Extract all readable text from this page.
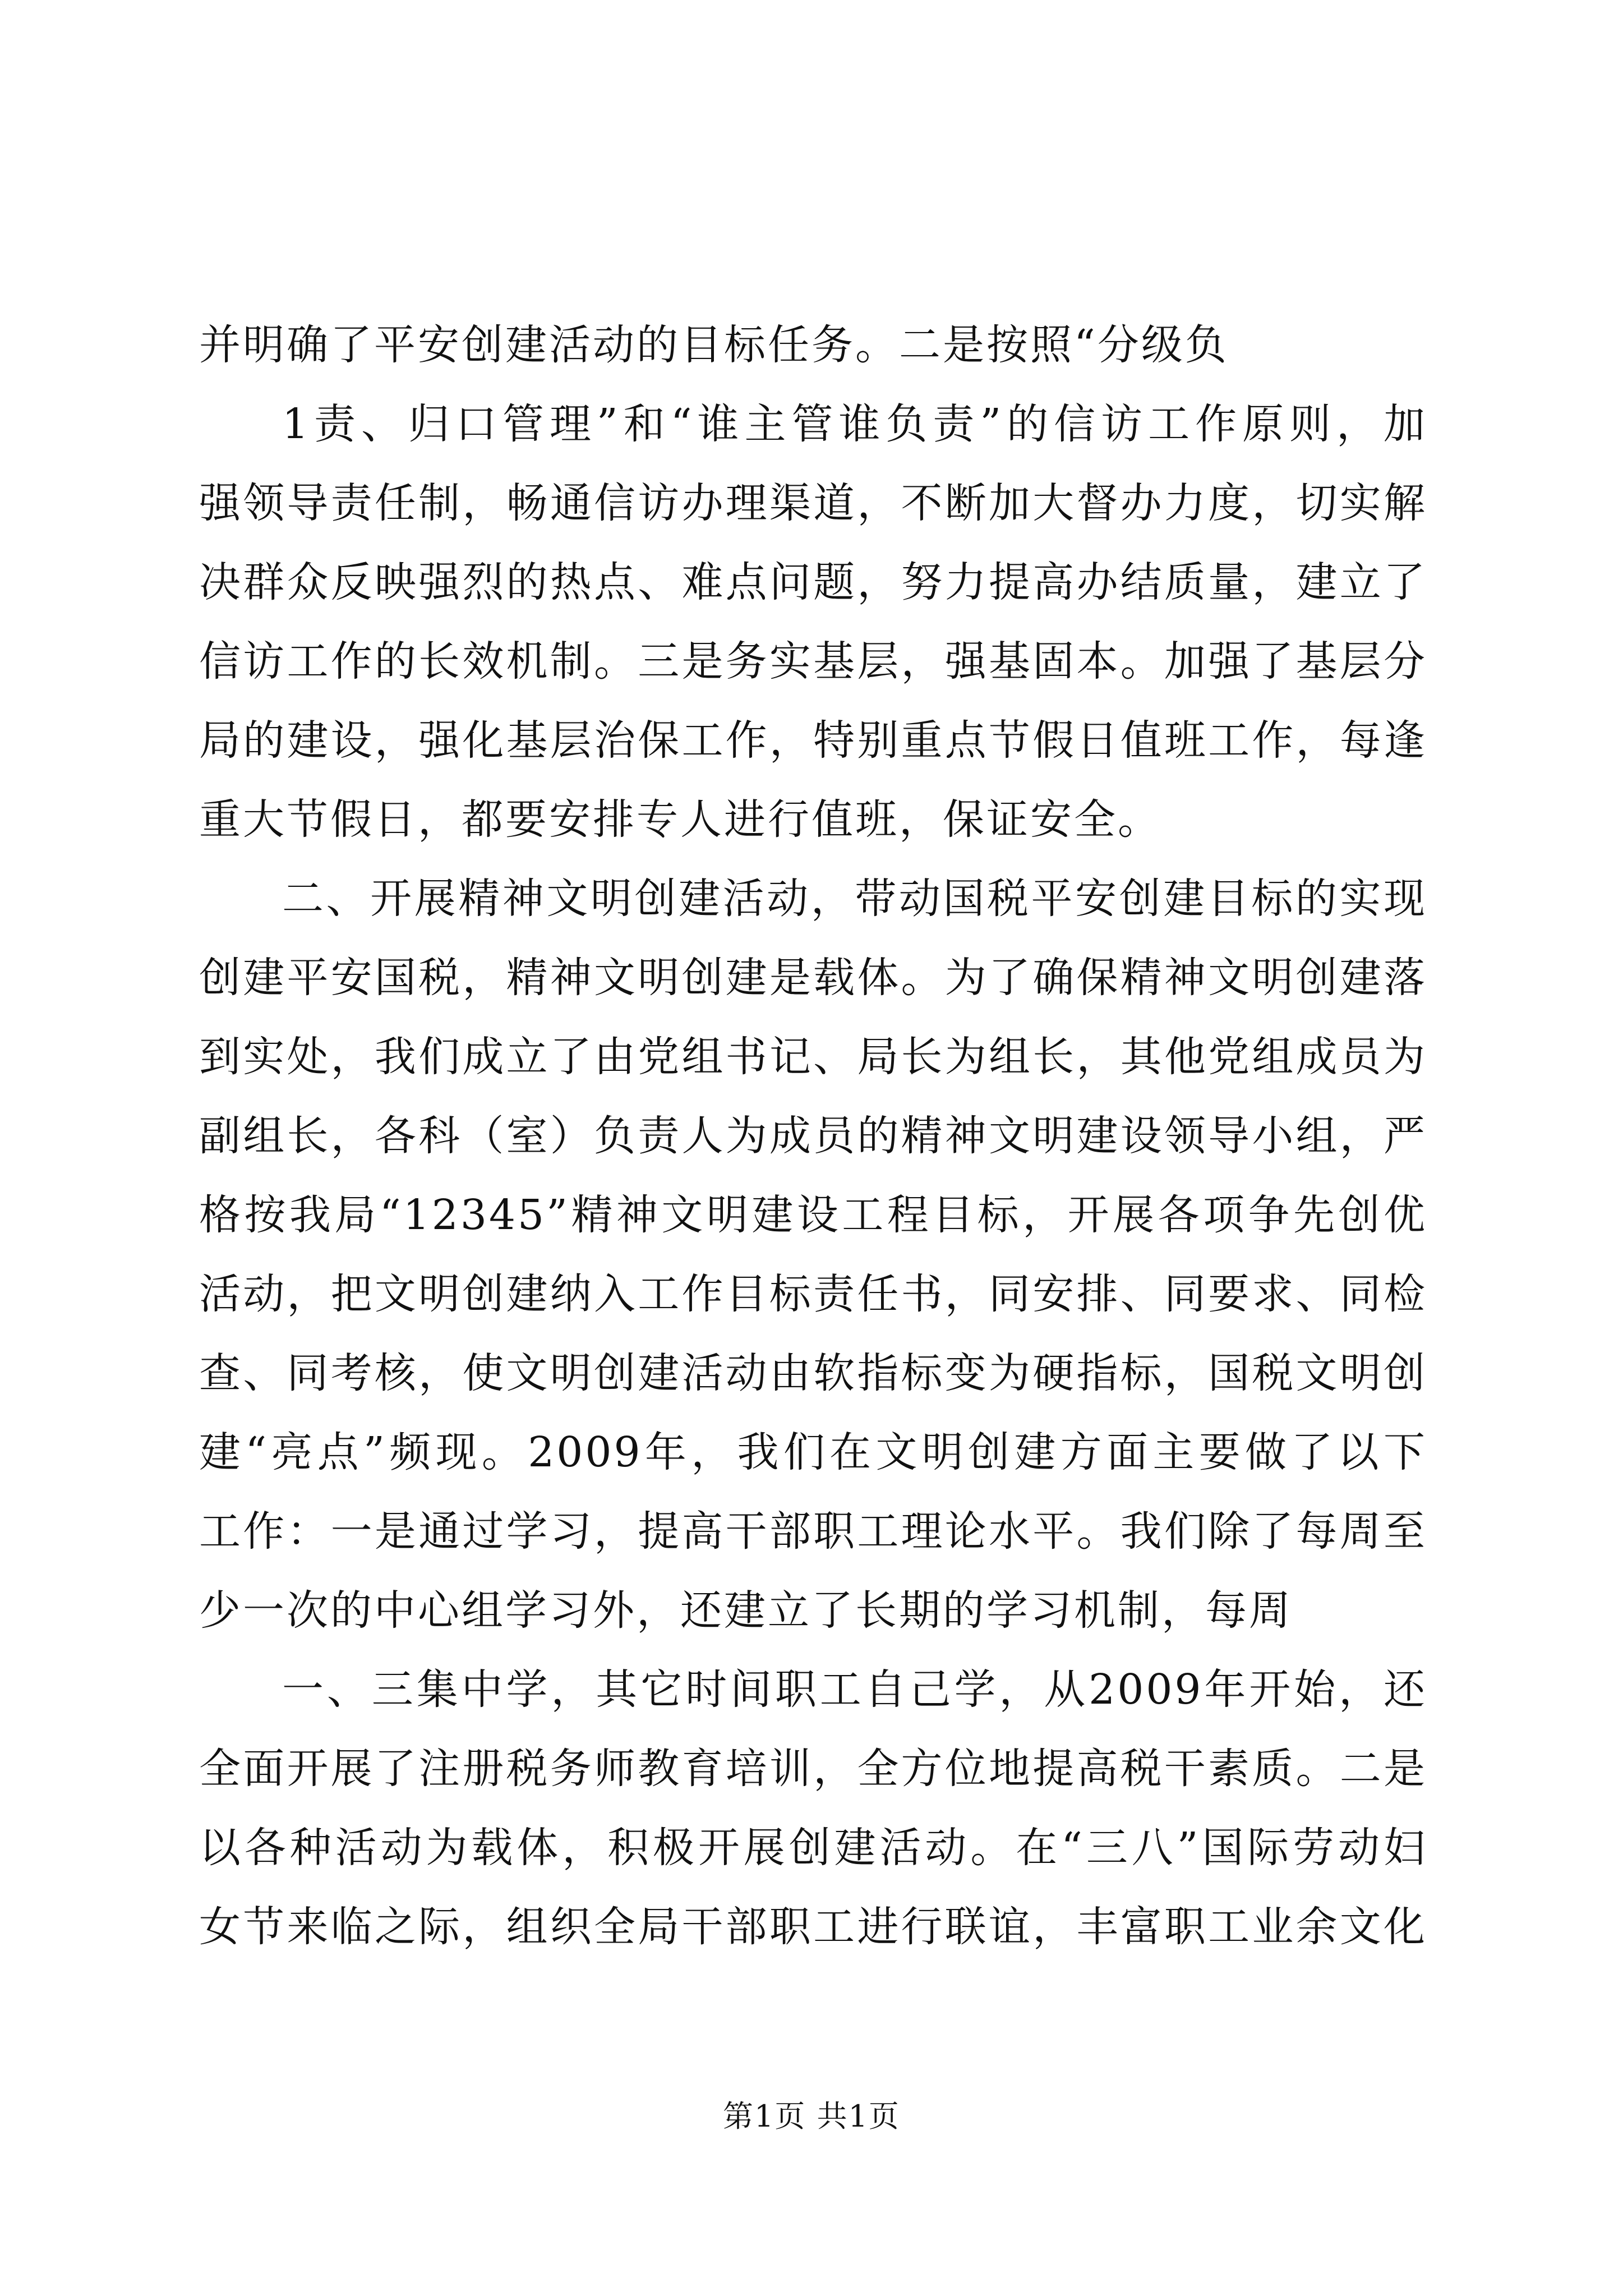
并明确了平安创建活动的目标任务。二是按照“分级负
1责、归口管理”和“谁主管谁负责”的信访工作原则，加
强领导责任制，畅通信访办理渠道，不断加大督办力度，切实解
决群众反映强烈的热点、难点问题，努力提高办结质量，建立了
信访工作的长效机制。三是务实基层，强基固本。加强了基层分
局的建设，强化基层治保工作，特别重点节假日值班工作，每逢
重大节假日，都要安排专人进行值班，保证安全。
二、开展精神文明创建活动，带动国税平安创建目标的实现
创建平安国税，精神文明创建是载体。为了确保精神文明创建落
到实处，我们成立了由党组书记、局长为组长，其他党组成员为
副组长，各科（室）负责人为成员的精神文明建设领导小组，严
格按我局“12345”精神文明建设工程目标，开展各项争先创优
活动，把文明创建纳入工作目标责任书，同安排、同要求、同检
查、同考核，使文明创建活动由软指标变为硬指标，国税文明创
建“亮点”频现。2009年，我们在文明创建方面主要做了以下
工作：一是通过学习，提高干部职工理论水平。我们除了每周至
少一次的中心组学习外，还建立了长期的学习机制，每周
一、三集中学，其它时间职工自己学，从2009年开始，还
全面开展了注册税务师教育培训，全方位地提高税干素质。二是
以各种活动为载体，积极开展创建活动。在“三八”国际劳动妇
女节来临之际，组织全局干部职工进行联谊，丰富职工业余文化
第1页 共1页
